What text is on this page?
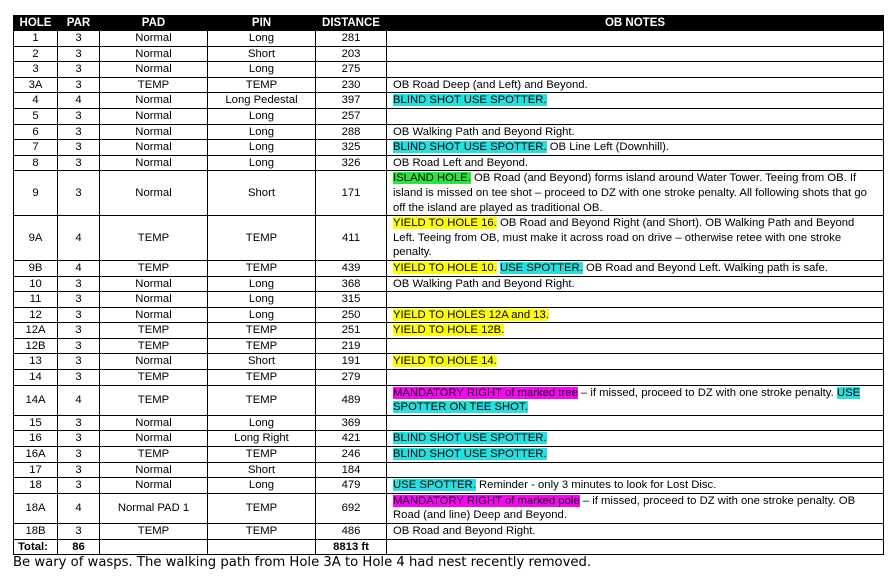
HOLE	PAR	PAD	PIN	DISTANCE	OB NOTES
1	3	Normal	Long	281	
2	3	Normal	Short	203	
3	3	Normal	Long	275	
3A	3	TEMP	TEMP	230	OB Road Deep (and Left) and Beyond.
4	4	Normal	Long Pedestal	397	BLIND SHOT USE SPOTTER.
5	3	Normal	Long	257	
6	3	Normal	Long	288	OB Walking Path and Beyond Right.
7	3	Normal	Long	325	BLIND SHOT USE SPOTTER. OB Line Left (Downhill).
8	3	Normal	Long	326	OB Road Left and Beyond.
9	3	Normal	Short	171	ISLAND HOLE. OB Road (and Beyond) forms island around Water Tower. Teeing from OB. If island is missed on tee shot – proceed to DZ with one stroke penalty. All following shots that go off the island are played as traditional OB.
9A	4	TEMP	TEMP	411	YIELD TO HOLE 16. OB Road and Beyond Right (and Short). OB Walking Path and Beyond Left. Teeing from OB, must make it across road on drive – otherwise retee with one stroke penalty.
9B	4	TEMP	TEMP	439	YIELD TO HOLE 10. USE SPOTTER. OB Road and Beyond Left. Walking path is safe.
10	3	Normal	Long	368	OB Walking Path and Beyond Right.
11	3	Normal	Long	315	
12	3	Normal	Long	250	YIELD TO HOLES 12A and 13.
12A	3	TEMP	TEMP	251	YIELD TO HOLE 12B.
12B	3	TEMP	TEMP	219	
13	3	Normal	Short	191	YIELD TO HOLE 14.
14	3	TEMP	TEMP	279	
14A	4	TEMP	TEMP	489	MANDATORY RIGHT of marked tree – if missed, proceed to DZ with one stroke penalty. USE SPOTTER ON TEE SHOT.
15	3	Normal	Long	369	
16	3	Normal	Long Right	421	BLIND SHOT USE SPOTTER.
16A	3	TEMP	TEMP	246	BLIND SHOT USE SPOTTER.
17	3	Normal	Short	184	
18	3	Normal	Long	479	USE SPOTTER. Reminder - only 3 minutes to look for Lost Disc.
18A	4	Normal PAD 1	TEMP	692	MANDATORY RIGHT of marked pole – if missed, proceed to DZ with one stroke penalty. OB Road (and line) Deep and Beyond.
18B	3	TEMP	TEMP	486	OB Road and Beyond Right.
Total:	86			8813 ft	
Be wary of wasps. The walking path from Hole 3A to Hole 4 had nest recently removed.
